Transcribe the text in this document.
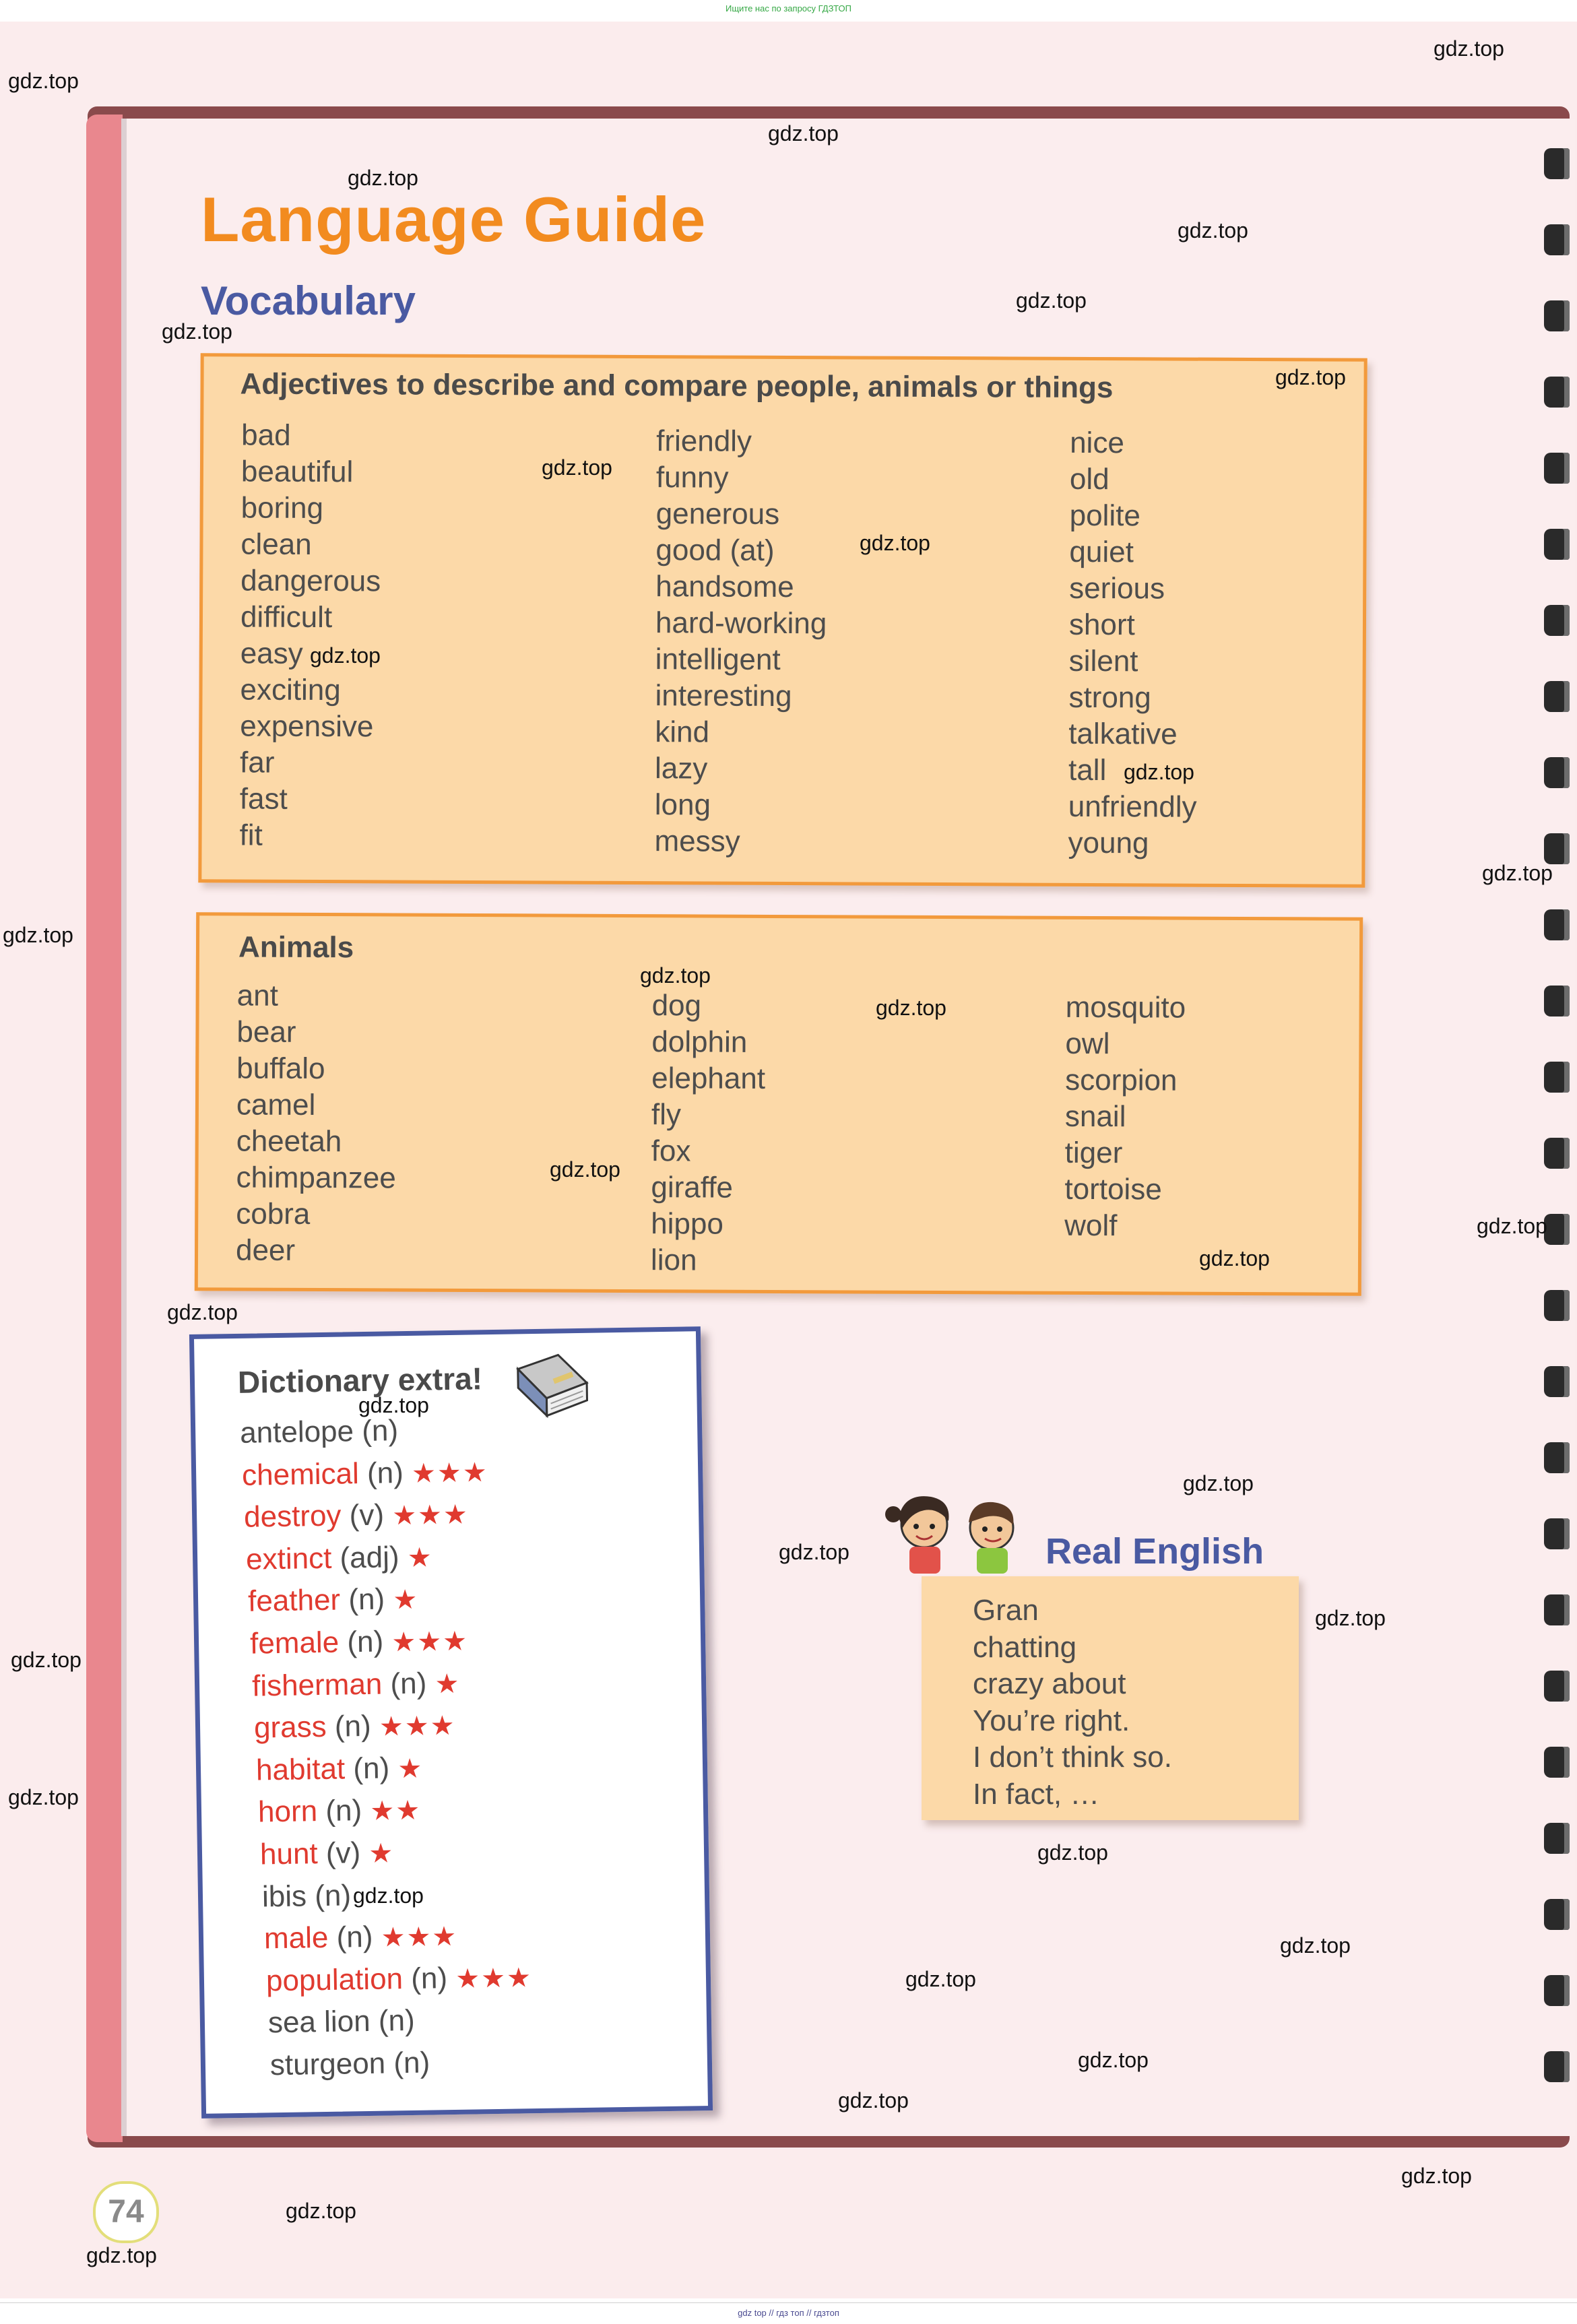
Ищите нас по запросу ГДЗТОП
Language Guide
Vocabulary
Adjectives to describe and compare people, animals or things
bad
beautiful
boring
clean
dangerous
difficult
easy
exciting
expensive
far
fast
fit
friendly
funny
generous
good (at)
handsome
hard-working
intelligent
interesting
kind
lazy
long
messy
nice
old
polite
quiet
serious
short
silent
strong
talkative
tall
unfriendly
young
Animals
ant
bear
buffalo
camel
cheetah
chimpanzee
cobra
deer
dog
dolphin
elephant
fly
fox
giraffe
hippo
lion
mosquito
owl
scorpion
snail
tiger
tortoise
wolf
Dictionary extra!
antelope (n)
chemical (n) ★★★
destroy (v) ★★★
extinct (adj) ★
feather (n) ★
female (n) ★★★
fisherman (n) ★
grass (n) ★★★
habitat (n) ★
horn (n) ★★
hunt (v) ★
ibis (n)
male (n) ★★★
population (n) ★★★
sea lion (n)
sturgeon (n)
Real English
Gran
chatting
crazy about
You’re right.
I don’t think so.
In fact, …
74
gdz.top
gdz.top
gdz.top
gdz.top
gdz.top
gdz.top
gdz.top
gdz.top
gdz.top
gdz.top
gdz.top
gdz.top
gdz.top
gdz.top
gdz.top
gdz.top
gdz.top
gdz.top
gdz.top
gdz.top
gdz.top
gdz.top
gdz.top
gdz.top
gdz.top
gdz.top
gdz.top
gdz.top
gdz.top
gdz.top
gdz.top
gdz.top
gdz.top
gdz.top
gdz.top
gdz top // гдз топ // гдзтоп
